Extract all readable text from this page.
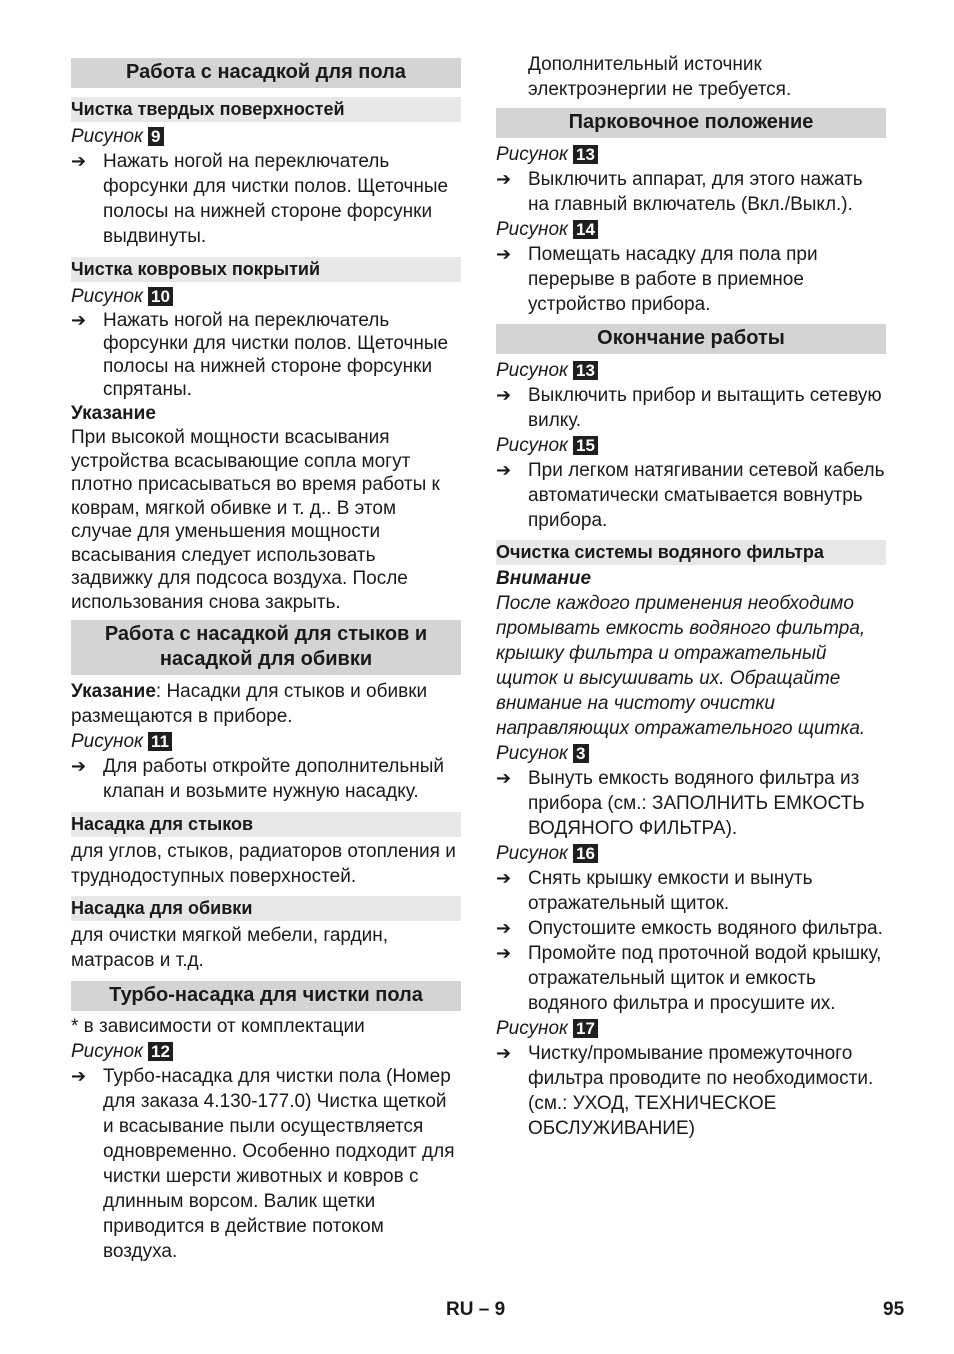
Работа с насадкой для пола
Чистка твердых поверхностей

Рисунок 9

➔ Нажать ногой на переключатель форсунки для чистки полов. Щеточные полосы на нижней стороне форсунки выдвинуты.
Чистка ковровых покрытий

Рисунок 10

➔ Нажать ногой на переключатель форсунки для чистки полов. Щеточные полосы на нижней стороне форсунки спрятаны.

Указание

При высокой мощности всасывания устройства всасывающие сопла могут плотно присасываться во время работы к коврам, мягкой обивке и т. д.. В этом случае для уменьшения мощности всасывания следует использовать задвижку для подсоса воздуха. После использования снова закрыть.

Работа с насадкой для стыков и насадкой для обивки

Указание: Насадки для стыков и обивки размещаются в приборе.

Рисунок 11

➔ Для работы откройте дополнительный клапан и возьмите нужную насадку.
Насадка для стыков

для углов, стыков, радиаторов отопления и труднодоступных поверхностей.

Насадка для обивки

для очистки мягкой мебели, гардин, матрасов и т.д.

Турбо-насадка для чистки пола

* в зависимости от комплектации

Рисунок 12

➔ Турбо-насадка для чистки пола (Номер для заказа 4.130-177.0) Чистка щеткой и всасывание пыли осуществляется одновременно. Особенно подходит для чистки шерсти животных и ковров с длинным ворсом. Валик щетки приводится в действие потоком воздуха.

Дополнительный источник электроэнергии не требуется.

Парковочное положение

Рисунок 13

➔ Выключить аппарат, для этого нажать на главный включатель (Вкл./Выкл.).

Рисунок 14

➔ Помещать насадку для пола при перерыве в работе в приемное устройство прибора.
Окончание работы

Рисунок 13

➔ Выключить прибор и вытащить сетевую вилку.

Рисунок 15

➔ При легком натягивании сетевой кабель автоматически сматывается вовнутрь прибора.
Очистка системы водяного фильтра

Внимание

После каждого применения необходимо промывать емкость водяного фильтра, крышку фильтра и отражательный щиток и высушивать их. Обращайте внимание на чистоту очистки направляющих отражательного щитка.

Рисунок 3

➔ Вынуть емкость водяного фильтра из прибора (см.: ЗАПОЛНИТЬ ЕМКОСТЬ ВОДЯНОГО ФИЛЬТРА).

Рисунок 16

➔ Снять крышку емкости и вынуть отражательный щиток.
➔ Опустошите емкость водяного фильтра.
➔ Промойте под проточной водой крышку, отражательный щиток и емкость водяного фильтра и просушите их.

Рисунок 17

➔ Чистку/промывание промежуточного фильтра проводите по необходимости.
(см.: УХОД, ТЕХНИЧЕСКОЕ ОБСЛУЖИВАНИЕ)
RU – 9	95
